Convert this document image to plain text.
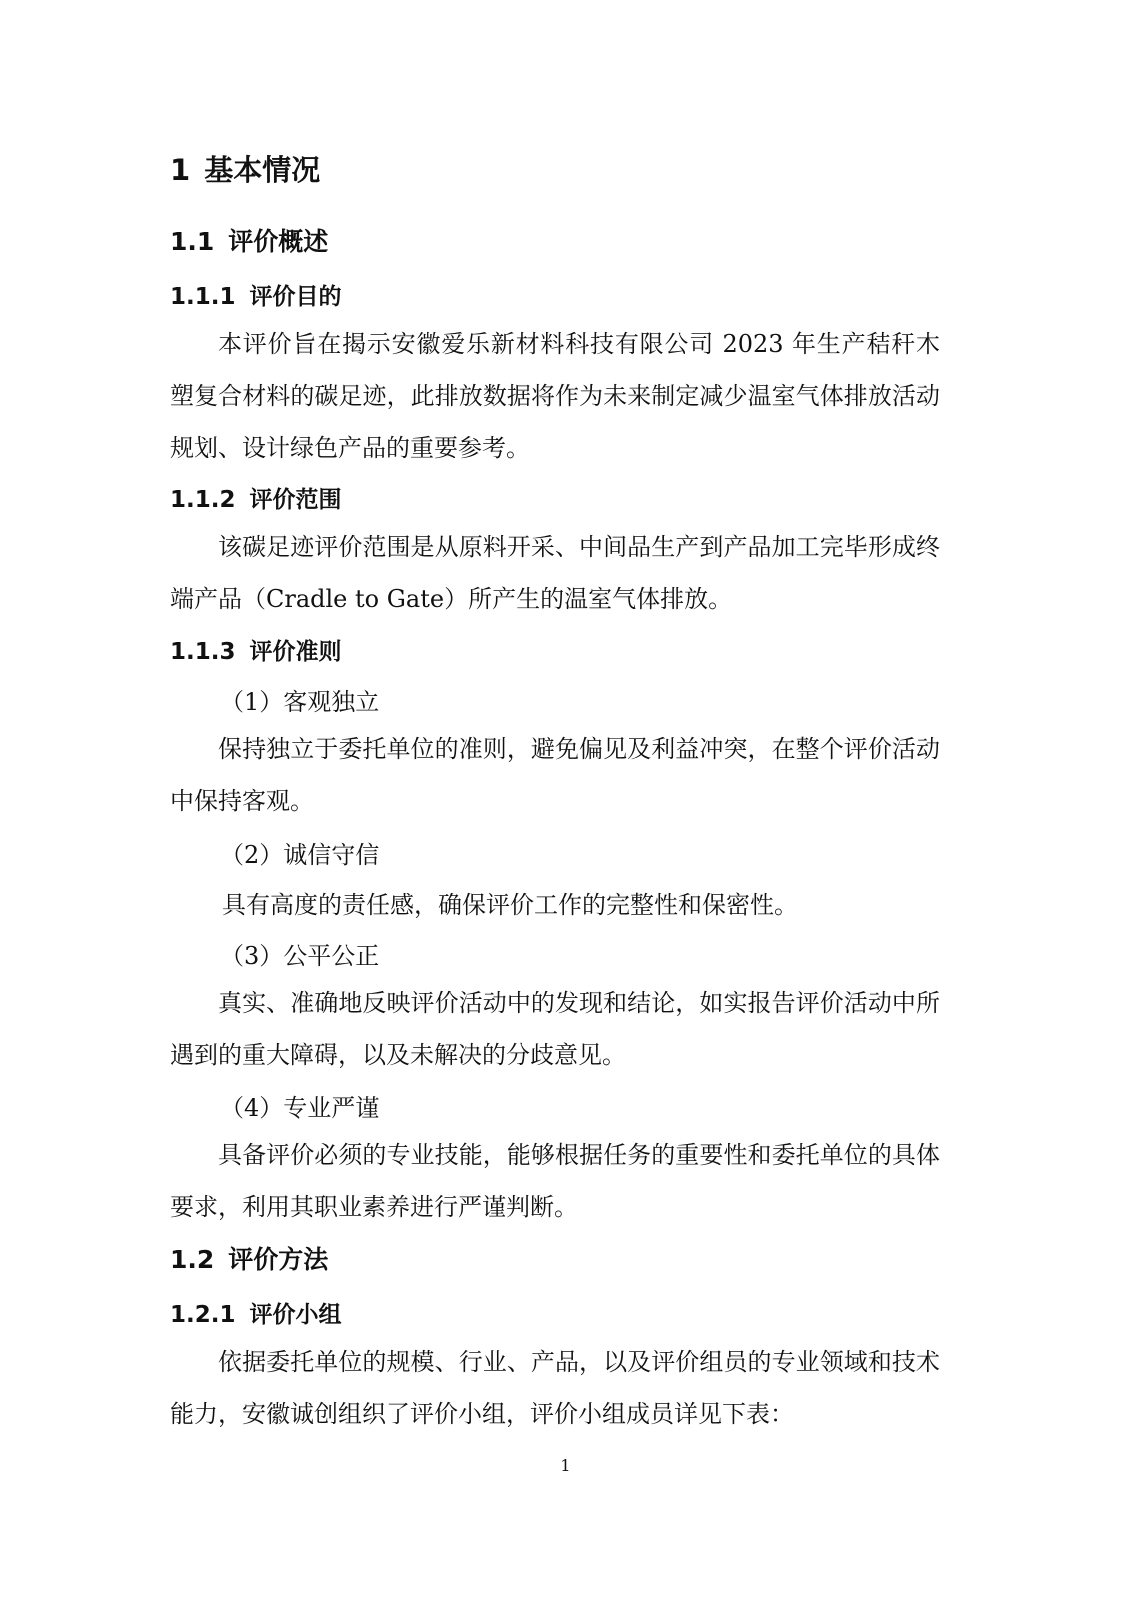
1 基本情况
1.1 评价概述
1.1.1 评价目的
本评价旨在揭示安徽爱乐新材料科技有限公司 2023 年生产秸秆木塑复合材料的碳足迹，此排放数据将作为未来制定减少温室气体排放活动规划、设计绿色产品的重要参考。
1.1.2 评价范围
该碳足迹评价范围是从原料开采、中间品生产到产品加工完毕形成终端产品（Cradle to Gate）所产生的温室气体排放。
1.1.3 评价准则
（1）客观独立
保持独立于委托单位的准则，避免偏见及利益冲突，在整个评价活动中保持客观。
（2）诚信守信
具有高度的责任感，确保评价工作的完整性和保密性。
（3）公平公正
真实、准确地反映评价活动中的发现和结论，如实报告评价活动中所遇到的重大障碍，以及未解决的分歧意见。
（4）专业严谨
具备评价必须的专业技能，能够根据任务的重要性和委托单位的具体要求，利用其职业素养进行严谨判断。
1.2 评价方法
1.2.1 评价小组
依据委托单位的规模、行业、产品，以及评价组员的专业领域和技术能力，安徽诚创组织了评价小组，评价小组成员详见下表：
1
